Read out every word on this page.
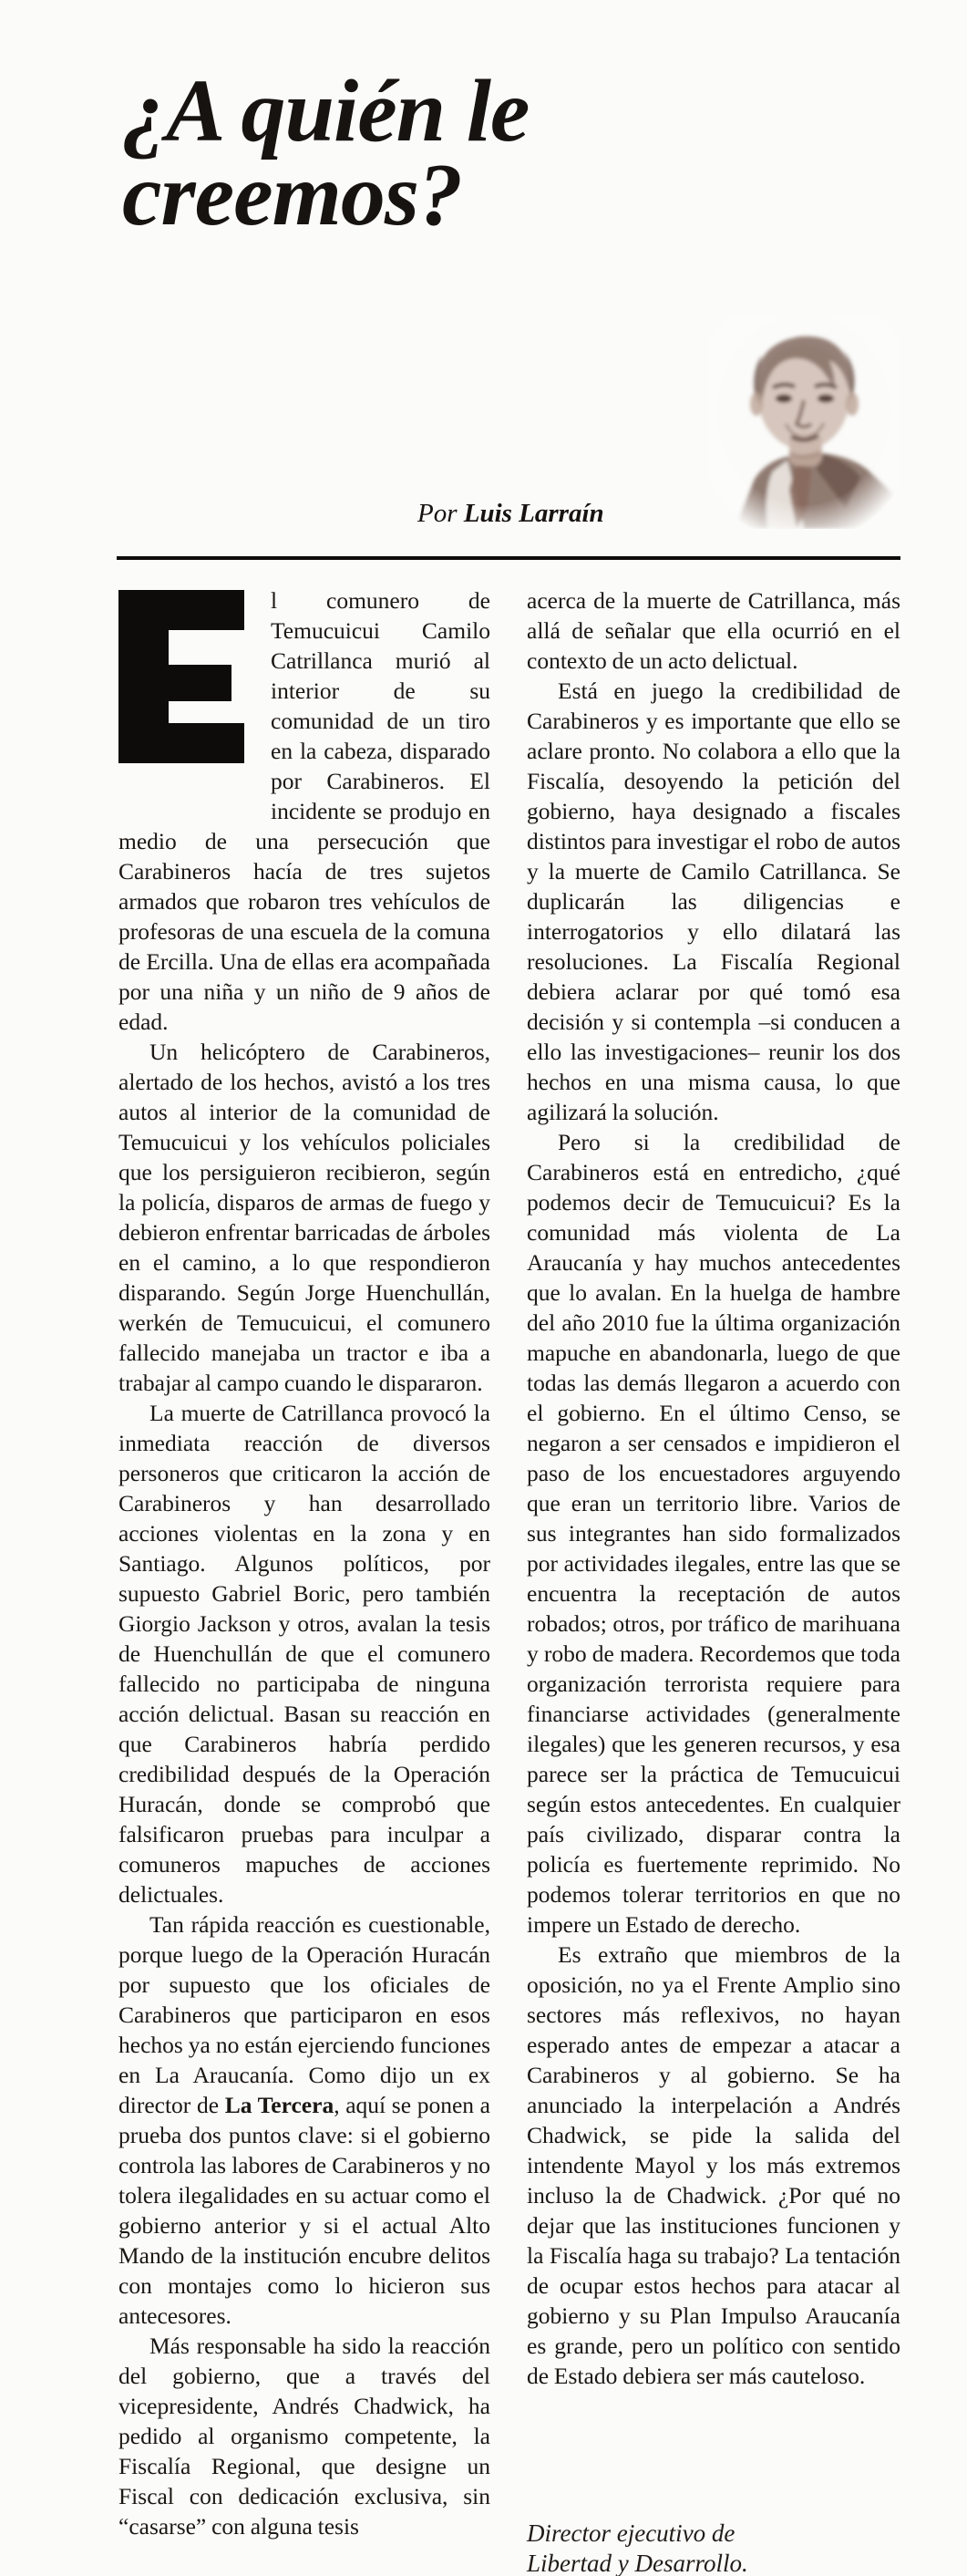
¿A quién le
creemos?
Por Luis Larraín

l comunero de Temucuicui Camilo Catrillanca murió al interior de su comunidad de un tiro en la cabeza, disparado por Carabineros. El incidente se produjo en medio de una persecución que Carabineros hacía de tres sujetos armados que robaron tres vehículos de profesoras de una escuela de la comuna de Ercilla. Una de ellas era acompañada por una niña y un niño de 9 años de edad.

Un helicóptero de Carabineros, alertado de los hechos, avistó a los tres autos al interior de la comunidad de Temucuicui y los vehículos policiales que los persiguieron recibieron, según la policía, disparos de armas de fuego y debieron enfrentar barricadas de árboles en el camino, a lo que respondieron disparando. Según Jorge Huenchullán, werkén de Temucuicui, el comunero fallecido manejaba un tractor e iba a trabajar al campo cuando le dispararon.

La muerte de Catrillanca provocó la inmediata reacción de diversos personeros que criticaron la acción de Carabineros y han desarrollado acciones violentas en la zona y en Santiago. Algunos políticos, por supuesto Gabriel Boric, pero también Giorgio Jackson y otros, avalan la tesis de Huenchullán de que el comunero fallecido no participaba de ninguna acción delictual. Basan su reacción en que Carabineros habría perdido credibilidad después de la Operación Huracán, donde se comprobó que falsificaron pruebas para inculpar a comuneros mapuches de acciones delictuales.

Tan rápida reacción es cuestionable, porque luego de la Operación Huracán por supuesto que los oficiales de Carabineros que participaron en esos hechos ya no están ejerciendo funciones en La Araucanía. Como dijo un ex director de La Tercera, aquí se ponen a prueba dos puntos clave: si el gobierno controla las labores de Carabineros y no tolera ilegalidades en su actuar como el gobierno anterior y si el actual Alto Mando de la institución encubre delitos con montajes como lo hicieron sus antecesores.

Más responsable ha sido la reacción del gobierno, que a través del vicepresidente, Andrés Chadwick, ha pedido al organismo competente, la Fiscalía Regional, que designe un Fiscal con dedicación exclusiva, sin “casarse” con alguna tesis

acerca de la muerte de Catrillanca, más allá de señalar que ella ocurrió en el contexto de un acto delictual.

Está en juego la credibilidad de Carabineros y es importante que ello se aclare pronto. No colabora a ello que la Fiscalía, desoyendo la petición del gobierno, haya designado a fiscales distintos para investigar el robo de autos y la muerte de Camilo Catrillanca. Se duplicarán las diligencias e interrogatorios y ello dilatará las resoluciones. La Fiscalía Regional debiera aclarar por qué tomó esa decisión y si contempla –si conducen a ello las investigaciones– reunir los dos hechos en una misma causa, lo que agilizará la solución.

Pero si la credibilidad de Carabineros está en entredicho, ¿qué podemos decir de Temucuicui? Es la comunidad más violenta de La Araucanía y hay muchos antecedentes que lo avalan. En la huelga de hambre del año 2010 fue la última organización mapuche en abandonarla, luego de que todas las demás llegaron a acuerdo con el gobierno. En el último Censo, se negaron a ser censados e impidieron el paso de los encuestadores arguyendo que eran un territorio libre. Varios de sus integrantes han sido formalizados por actividades ilegales, entre las que se encuentra la receptación de autos robados; otros, por tráfico de marihuana y robo de madera. Recordemos que toda organización terrorista requiere para financiarse actividades (generalmente ilegales) que les generen recursos, y esa parece ser la práctica de Temucuicui según estos antecedentes. En cualquier país civilizado, disparar contra la policía es fuertemente reprimido. No podemos tolerar territorios en que no impere un Estado de derecho.

Es extraño que miembros de la oposición, no ya el Frente Amplio sino sectores más reflexivos, no hayan esperado antes de empezar a atacar a Carabineros y al gobierno. Se ha anunciado la interpelación a Andrés Chadwick, se pide la salida del intendente Mayol y los más extremos incluso la de Chadwick. ¿Por qué no dejar que las instituciones funcionen y la Fiscalía haga su trabajo? La tentación de ocupar estos hechos para atacar al gobierno y su Plan Impulso Araucanía es grande, pero un político con sentido de Estado debiera ser más cauteloso.

Director ejecutivo de
Libertad y Desarrollo.
